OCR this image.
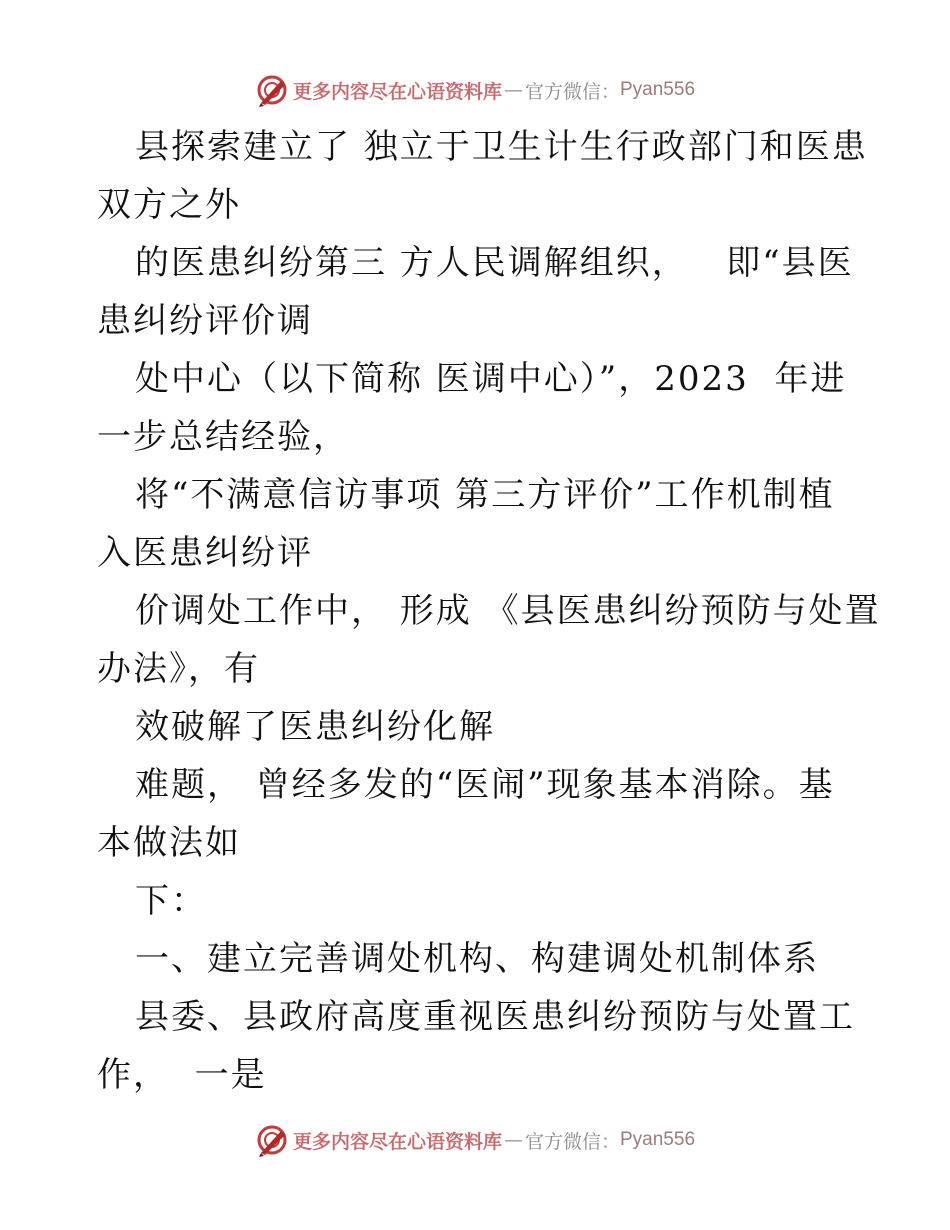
更多内容尽在心语资料库 — 官方微信： Pyan556
县探索建立了 独立于卫生计生行政部门和医患
双方之外
的医患纠纷第三 方人民调解组织，   即“县医
患纠纷评价调
处中心（以下简称 医调中心）”，2023  年进
一步总结经验，
将“不满意信访事项 第三方评价”工作机制植
入医患纠纷评
价调处工作中， 形成 《县医患纠纷预防与处置
办法》，有
效破解了医患纠纷化解
难题， 曾经多发的“医闹”现象基本消除。基
本做法如
下：
一、建立完善调处机构、构建调处机制体系
县委、县政府高度重视医患纠纷预防与处置工
作，  一是
更多内容尽在心语资料库 — 官方微信： Pyan556
